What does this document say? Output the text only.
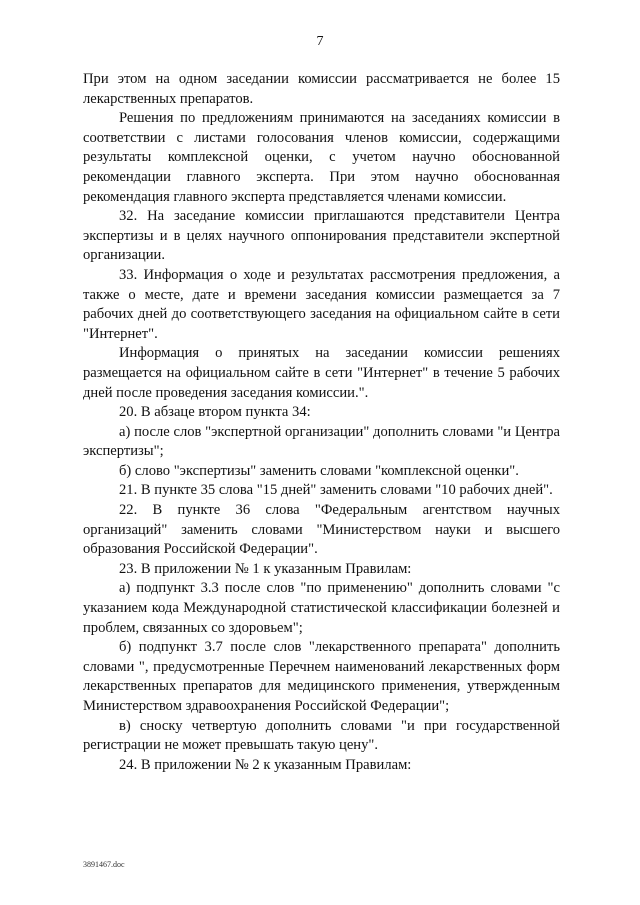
7

При этом на одном заседании комиссии рассматривается не более 15 лекарственных препаратов.

Решения по предложениям принимаются на заседаниях комиссии в соответствии с листами голосования членов комиссии, содержащими результаты комплексной оценки, с учетом научно обоснованной рекомендации главного эксперта. При этом научно обоснованная рекомендация главного эксперта представляется членами комиссии.

32. На заседание комиссии приглашаются представители Центра экспертизы и в целях научного оппонирования представители экспертной организации.

33. Информация о ходе и результатах рассмотрения предложения, а также о месте, дате и времени заседания комиссии размещается за 7 рабочих дней до соответствующего заседания на официальном сайте в сети "Интернет".

Информация о принятых на заседании комиссии решениях размещается на официальном сайте в сети "Интернет" в течение 5 рабочих дней после проведения заседания комиссии.".

20. В абзаце втором пункта 34:

а) после слов "экспертной организации" дополнить словами "и Центра экспертизы";

б) слово "экспертизы" заменить словами "комплексной оценки".

21. В пункте 35 слова "15 дней" заменить словами "10 рабочих дней".

22. В пункте 36 слова "Федеральным агентством научных организаций" заменить словами "Министерством науки и высшего образования Российской Федерации".

23. В приложении № 1 к указанным Правилам:

а) подпункт 3.3 после слов "по применению" дополнить словами "с указанием кода Международной статистической классификации болезней и проблем, связанных со здоровьем";

б) подпункт 3.7 после слов "лекарственного препарата" дополнить словами ", предусмотренные Перечнем наименований лекарственных форм лекарственных препаратов для медицинского применения, утвержденным Министерством здравоохранения Российской Федерации";

в) сноску четвертую дополнить словами "и при государственной регистрации не может превышать такую цену".

24. В приложении № 2 к указанным Правилам:

3891467.doc
